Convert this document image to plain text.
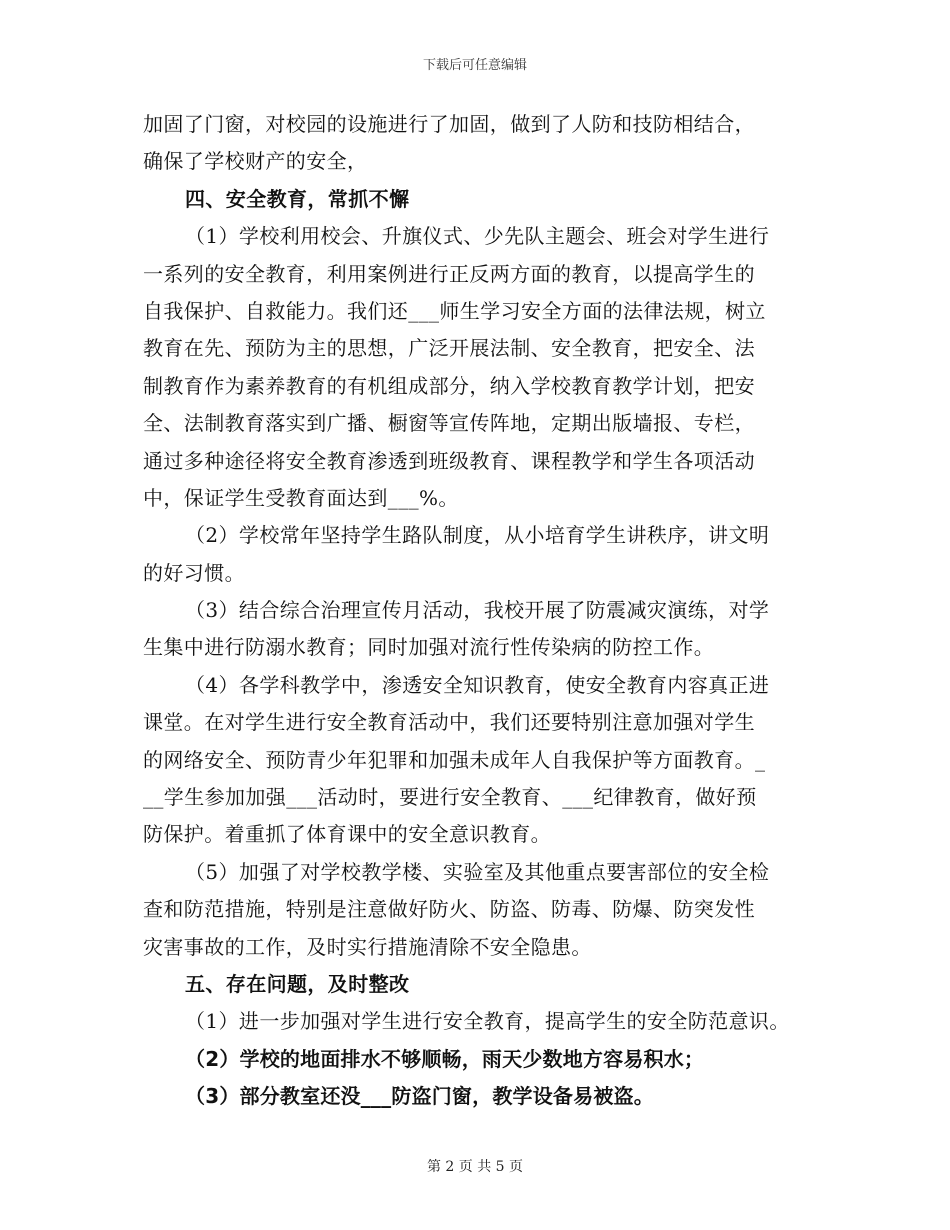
下载后可任意编辑
加固了门窗，对校园的设施进行了加固，做到了人防和技防相结合，
确保了学校财产的安全，
四、安全教育，常抓不懈
（1）学校利用校会、升旗仪式、少先队主题会、班会对学生进行
一系列的安全教育，利用案例进行正反两方面的教育，以提高学生的
自我保护、自救能力。我们还___师生学习安全方面的法律法规，树立
教育在先、预防为主的思想，广泛开展法制、安全教育，把安全、法
制教育作为素养教育的有机组成部分，纳入学校教育教学计划，把安
全、法制教育落实到广播、橱窗等宣传阵地，定期出版墙报、专栏，
通过多种途径将安全教育渗透到班级教育、课程教学和学生各项活动
中，保证学生受教育面达到___%。
（2）学校常年坚持学生路队制度，从小培育学生讲秩序，讲文明
的好习惯。
（3）结合综合治理宣传月活动，我校开展了防震减灾演练，对学
生集中进行防溺水教育；同时加强对流行性传染病的防控工作。
（4）各学科教学中，渗透安全知识教育，使安全教育内容真正进
课堂。在对学生进行安全教育活动中，我们还要特别注意加强对学生
的网络安全、预防青少年犯罪和加强未成年人自我保护等方面教育。_
__学生参加加强___活动时，要进行安全教育、___纪律教育，做好预
防保护。着重抓了体育课中的安全意识教育。
（5）加强了对学校教学楼、实验室及其他重点要害部位的安全检
查和防范措施，特别是注意做好防火、防盗、防毒、防爆、防突发性
灾害事故的工作，及时实行措施清除不安全隐患。
五、存在问题，及时整改
（1）进一步加强对学生进行安全教育，提高学生的安全防范意识。
（2）学校的地面排水不够顺畅，雨天少数地方容易积水；
（3）部分教室还没___防盗门窗，教学设备易被盗。
第 2 页 共 5 页
